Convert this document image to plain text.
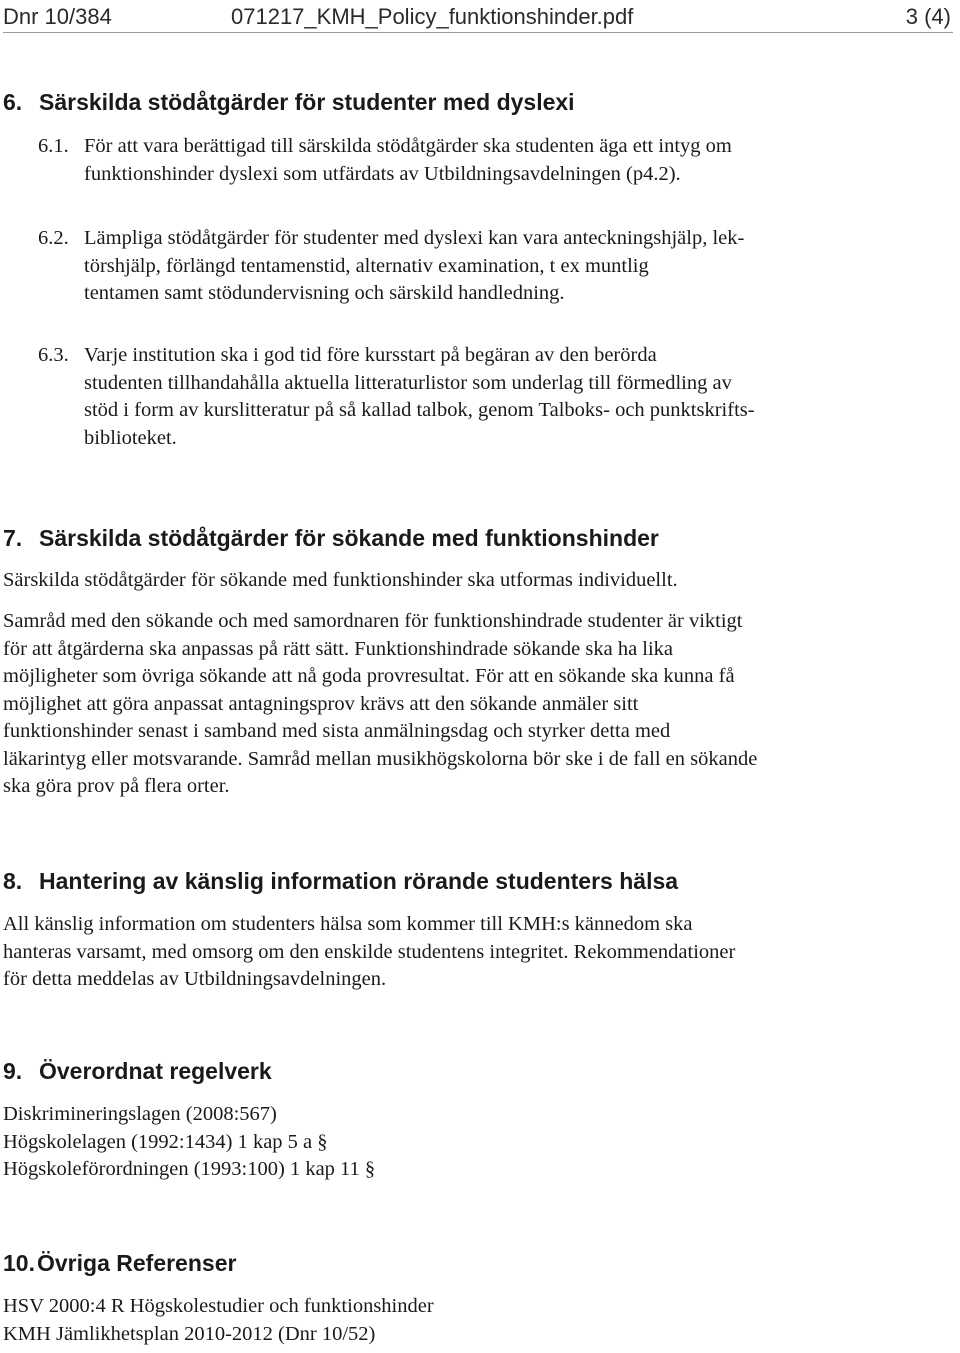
Dnr 10/384	071217_KMH_Policy_funktionshinder.pdf	3 (4)
6. Särskilda stödåtgärder för studenter med dyslexi
6.1. För att vara berättigad till särskilda stödåtgärder ska studenten äga ett intyg om
funktionshinder dyslexi som utfärdats av Utbildningsavdelningen (p4.2).
6.2. Lämpliga stödåtgärder för studenter med dyslexi kan vara anteckningshjälp, lek-
törshjälp, förlängd tentamenstid, alternativ examination, t ex muntlig
tentamen samt stödundervisning och särskild handledning.
6.3. Varje institution ska i god tid före kursstart på begäran av den berörda
studenten tillhandahålla aktuella litteraturlistor som underlag till förmedling av
stöd i form av kurslitteratur på så kallad talbok, genom Talboks- och punktskrifts-
biblioteket.
7. Särskilda stödåtgärder för sökande med funktionshinder
Särskilda stödåtgärder för sökande med funktionshinder ska utformas individuellt.
Samråd med den sökande och med samordnaren för funktionshindrade studenter är viktigt
för att åtgärderna ska anpassas på rätt sätt. Funktionshindrade sökande ska ha lika
möjligheter som övriga sökande att nå goda provresultat. För att en sökande ska kunna få
möjlighet att göra anpassat antagningsprov krävs att den sökande anmäler sitt
funktionshinder senast i samband med sista anmälningsdag och styrker detta med
läkarintyg eller motsvarande. Samråd mellan musikhögskolorna bör ske i de fall en sökande
ska göra prov på flera orter.
8. Hantering av känslig information rörande studenters hälsa
All känslig information om studenters hälsa som kommer till KMH:s kännedom ska
hanteras varsamt, med omsorg om den enskilde studentens integritet. Rekommendationer
för detta meddelas av Utbildningsavdelningen.
9. Överordnat regelverk
Diskrimineringslagen (2008:567)
Högskolelagen (1992:1434) 1 kap 5 a §
Högskoleförordningen (1993:100) 1 kap 11 §
10.Övriga Referenser
HSV 2000:4 R Högskolestudier och funktionshinder
KMH Jämlikhetsplan 2010-2012 (Dnr 10/52)
